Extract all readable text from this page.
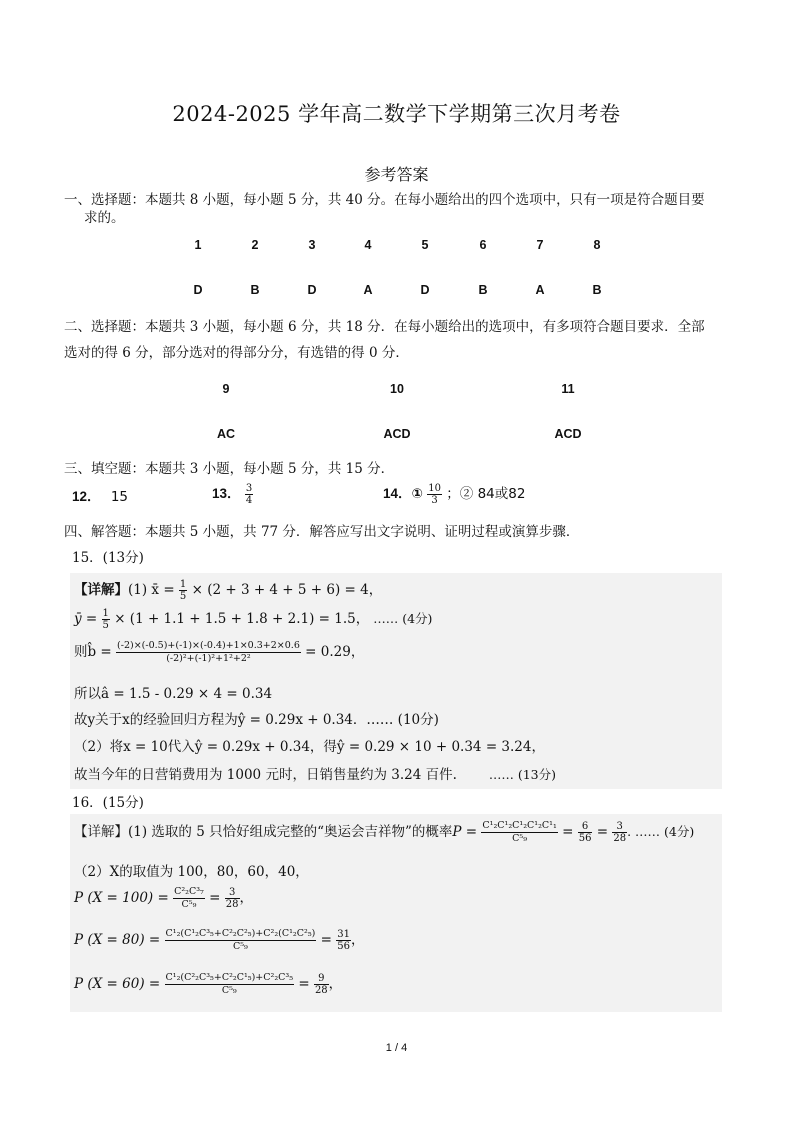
2024-2025 学年高二数学下学期第三次月考卷
参考答案
一、选择题：本题共 8 小题，每小题 5 分，共 40 分。在每小题给出的四个选项中，只有一项是符合题目要
求的。
1	2	3	4	5	6	7	8
D	B	D	A	D	B	A	B
二、选择题：本题共 3 小题，每小题 6 分，共 18 分．在每小题给出的选项中，有多项符合题目要求．全部
选对的得 6 分，部分选对的得部分分，有选错的得 0 分．
9	10	11
AC	ACD	ACD
三、填空题：本题共 3 小题，每小题 5 分，共 15 分．
12． 15	13． $\frac{3}{4}$	14．① $\frac{10}{3}$ ；② 84或82
四、解答题：本题共 5 小题，共 77 分．解答应写出文字说明、证明过程或演算步骤．
15．(13分)
【详解】(1) x̄ = $\frac{1}{5} \times (2 + 3 + 4 + 5 + 6) = 4$，
ȳ = $\frac{1}{5} \times (1 + 1.1 + 1.5 + 1.8 + 2.1) = 1.5$， …… (4分)
则b̂ = $\frac{(-2)\times(-0.5)+(-1)\times(-0.4)+1\times 0.3+2\times 0.6}{\text{(-2)²+(-1)²+1²+2²}} = 0.29$，
所以â = 1.5 - 0.29 × 4 = 0.34
故y关于x的经验回归方程为ŷ = 0.29x + 0.34．…… (10分)
（2）将x = 10代入ŷ = 0.29x + 0.34，得ŷ = 0.29 × 10 + 0.34 = 3.24，
故当今年的日营销费用为 1000 元时，日销售量约为 3.24 百件.	…… (13分)
16．(15分)
【详解】(1) 选取的 5 只恰好组成完整的“奥运会吉祥物”的概率$P = \frac{\text{C¹₂C¹₂C¹₂C¹₂C¹₁}}{\text{C⁵₉}} = \frac{6}{56} = \frac{3}{28}$ . …… (4分)
（2）X的取值为 100，80，60，40，
P $(X = 100) = \frac{\text{C²₂C³₇}}{\text{C⁵₉}} = \frac{3}{28}$ ，
P $(X = 80) = \frac{\text{C¹₂(C¹₂C³₅+C²₂C²₅)+C²₂(C¹₂C²₅)}}{\text{C⁵₉}} = \frac{31}{56}$ ，
P $(X = 60) = \frac{\text{C¹₂(C²₂C³₅+C²₂C¹₅)+C²₂C³₅}}{\text{C⁵₉}} = \frac{9}{28}$ ，
1 / 4
